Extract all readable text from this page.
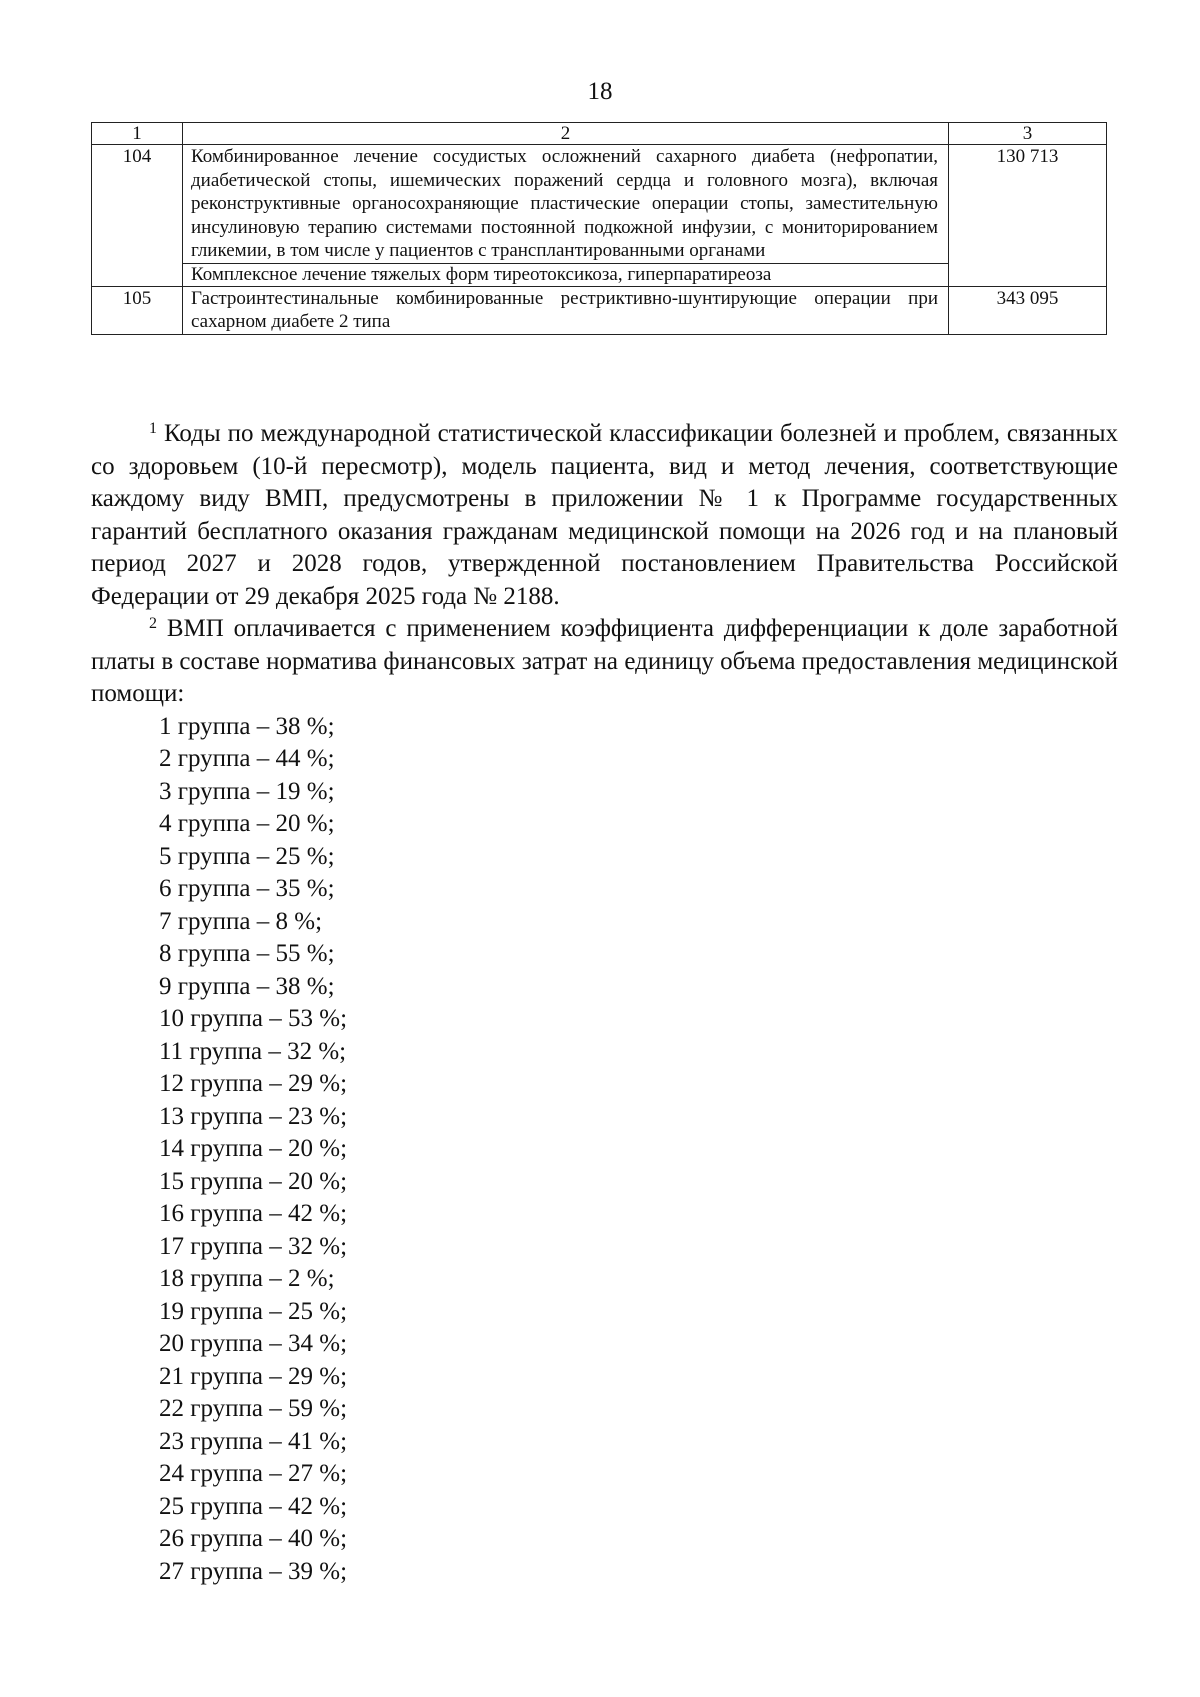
18
1	2	3
104	Комбинированное лечение сосудистых осложнений сахарного диабета (нефропатии, диабетической стопы, ишемических поражений сердца и головного мозга), включая реконструктивные органосохраняющие пластические операции стопы, заместительную инсулиновую терапию системами постоянной подкожной инфузии, с мониторированием гликемии, в том числе у пациентов с трансплантированными органами	130 713
	Комплексное лечение тяжелых форм тиреотоксикоза, гиперпаратиреоза	
105	Гастроинтестинальные комбинированные рестриктивно-шунтирующие операции при сахарном диабете 2 типа	343 095

$^1$ Коды по международной статистической классификации болезней и проблем, связанных со здоровьем (10-й пересмотр), модель пациента, вид и метод лечения, соответствующие каждому виду ВМП, предусмотрены в приложении № 1 к Программе государственных гарантий бесплатного оказания гражданам медицинской помощи на 2026 год и на плановый период 2027 и 2028 годов, утвержденной постановлением Правительства Российской Федерации от 29 декабря 2025 года № 2188.

$^2$ ВМП оплачивается с применением коэффициента дифференциации к доле заработной платы в составе норматива финансовых затрат на единицу объема предоставления медицинской помощи:

1 группа – 38 %;
2 группа – 44 %;
3 группа – 19 %;
4 группа – 20 %;
5 группа – 25 %;
6 группа – 35 %;
7 группа – 8 %;
8 группа – 55 %;
9 группа – 38 %;
10 группа – 53 %;
11 группа – 32 %;
12 группа – 29 %;
13 группа – 23 %;
14 группа – 20 %;
15 группа – 20 %;
16 группа – 42 %;
17 группа – 32 %;
18 группа – 2 %;
19 группа – 25 %;
20 группа – 34 %;
21 группа – 29 %;
22 группа – 59 %;
23 группа – 41 %;
24 группа – 27 %;
25 группа – 42 %;
26 группа – 40 %;
27 группа – 39 %;
